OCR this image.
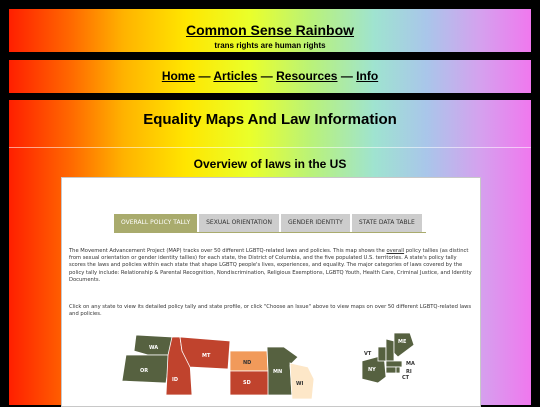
Common Sense Rainbow
trans rights are human rights
Home — Articles — Resources — Info
Equality Maps And Law Information
Overview of laws in the US
OVERALL POLICY TALLY	SEXUAL ORIENTATION	GENDER IDENTITY	STATE DATA TABLE

The Movement Advancement Project (MAP) tracks over 50 different LGBTQ-related laws and policies. This map shows the overall policy tallies (as distinct from sexual orientation or gender identity tallies) for each state, the District of Columbia, and the five populated U.S. territories. A state's policy tally scores the laws and policies within each state that shape LGBTQ people's lives, experiences, and equality. The major categories of laws covered by the policy tally include: Relationship & Parental Recognition, Nondiscrimination, Religious Exemptions, LGBTQ Youth, Health Care, Criminal Justice, and Identity Documents.

Click on any state to view its detailed policy tally and state profile, or click "Choose an Issue" above to view maps on over 50 different LGBTQ-related laws and policies.

WA
OR
ID
MT
ND
SD
MN
WI
NY
VT
NH
ME
MA
CT
RI
